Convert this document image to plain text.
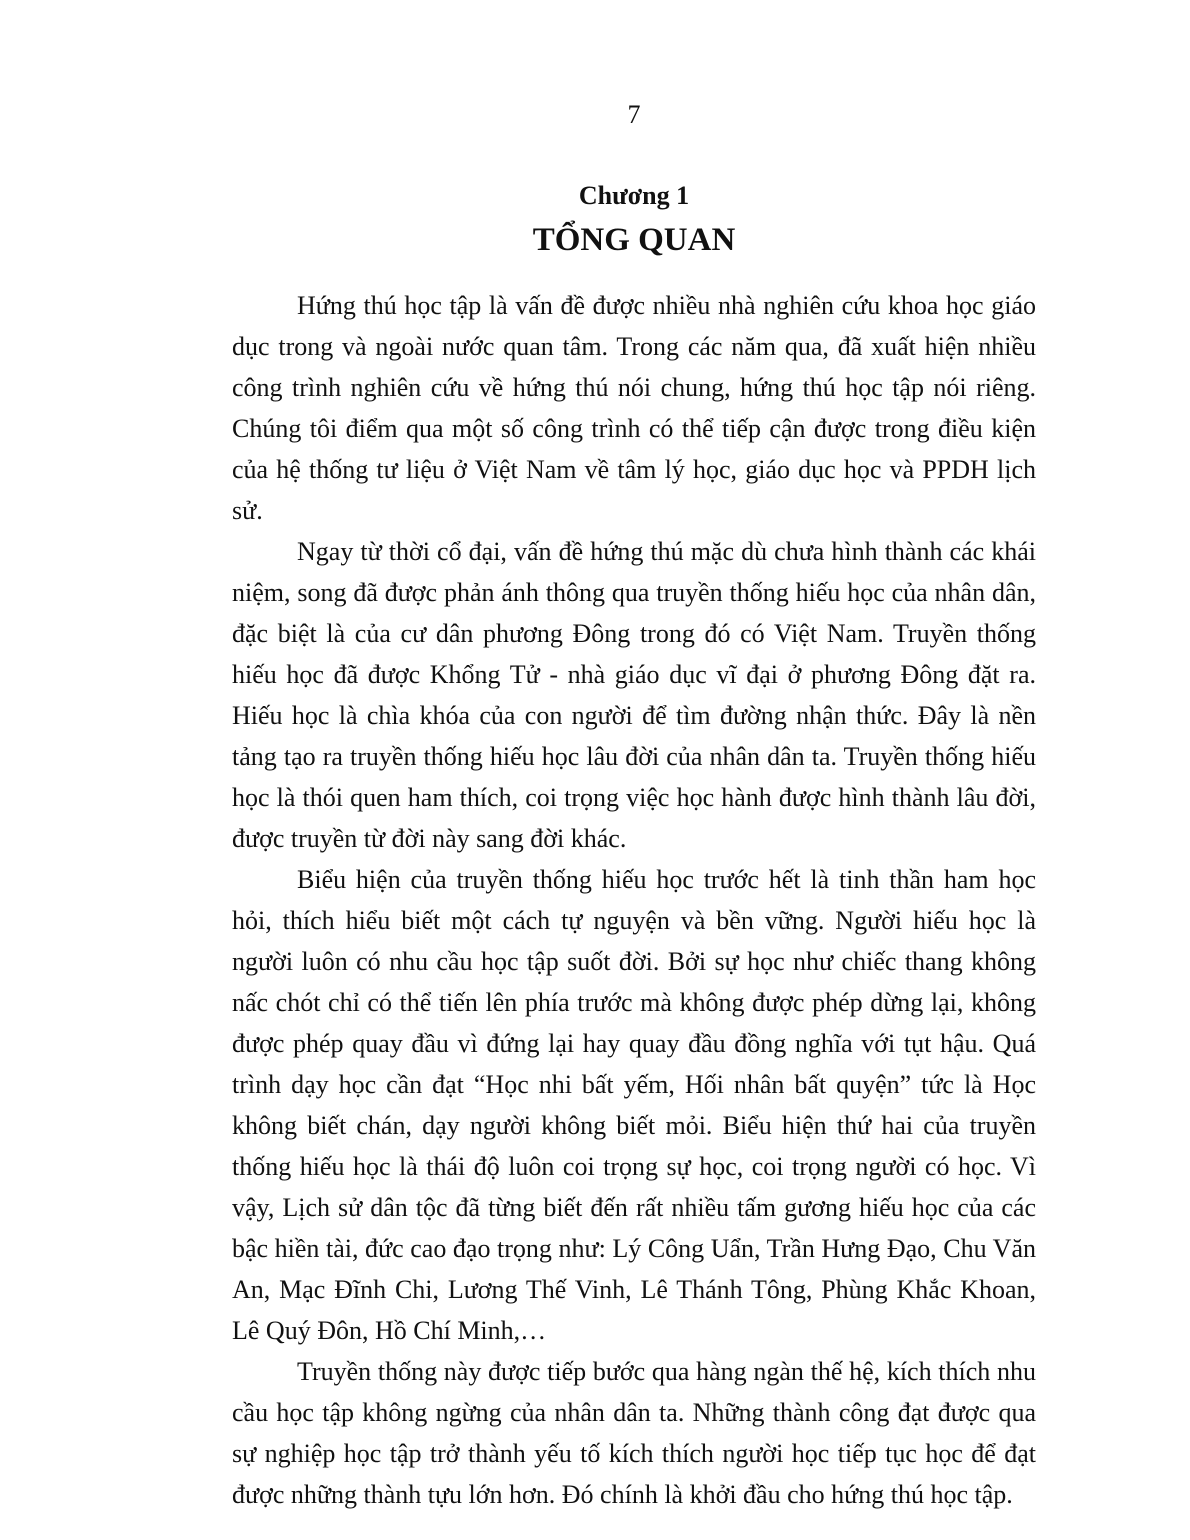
7
Chương 1
TỔNG QUAN

Hứng thú học tập là vấn đề được nhiều nhà nghiên cứu khoa học giáo dục trong và ngoài nước quan tâm. Trong các năm qua, đã xuất hiện nhiều công trình nghiên cứu về hứng thú nói chung, hứng thú học tập nói riêng. Chúng tôi điểm qua một số công trình có thể tiếp cận được trong điều kiện của hệ thống tư liệu ở Việt Nam về tâm lý học, giáo dục học và PPDH lịch sử.

Ngay từ thời cổ đại, vấn đề hứng thú mặc dù chưa hình thành các khái niệm, song đã được phản ánh thông qua truyền thống hiếu học của nhân dân, đặc biệt là của cư dân phương Đông trong đó có Việt Nam. Truyền thống hiếu học đã được Khổng Tử - nhà giáo dục vĩ đại ở phương Đông đặt ra. Hiếu học là chìa khóa của con người để tìm đường nhận thức. Đây là nền tảng tạo ra truyền thống hiếu học lâu đời của nhân dân ta. Truyền thống hiếu học là thói quen ham thích, coi trọng việc học hành được hình thành lâu đời, được truyền từ đời này sang đời khác.

Biểu hiện của truyền thống hiếu học trước hết là tinh thần ham học hỏi, thích hiểu biết một cách tự nguyện và bền vững. Người hiếu học là người luôn có nhu cầu học tập suốt đời. Bởi sự học như chiếc thang không nấc chót chỉ có thể tiến lên phía trước mà không được phép dừng lại, không được phép quay đầu vì đứng lại hay quay đầu đồng nghĩa với tụt hậu. Quá trình dạy học cần đạt “Học nhi bất yếm, Hối nhân bất quyện” tức là Học không biết chán, dạy người không biết mỏi. Biểu hiện thứ hai của truyền thống hiếu học là thái độ luôn coi trọng sự học, coi trọng người có học. Vì vậy, Lịch sử dân tộc đã từng biết đến rất nhiều tấm gương hiếu học của các bậc hiền tài, đức cao đạo trọng như: Lý Công Uẩn, Trần Hưng Đạo, Chu Văn An, Mạc Đĩnh Chi, Lương Thế Vinh, Lê Thánh Tông, Phùng Khắc Khoan, Lê Quý Đôn, Hồ Chí Minh,…

Truyền thống này được tiếp bước qua hàng ngàn thế hệ, kích thích nhu cầu học tập không ngừng của nhân dân ta. Những thành công đạt được qua sự nghiệp học tập trở thành yếu tố kích thích người học tiếp tục học để đạt được những thành tựu lớn hơn. Đó chính là khởi đầu cho hứng thú học tập.
